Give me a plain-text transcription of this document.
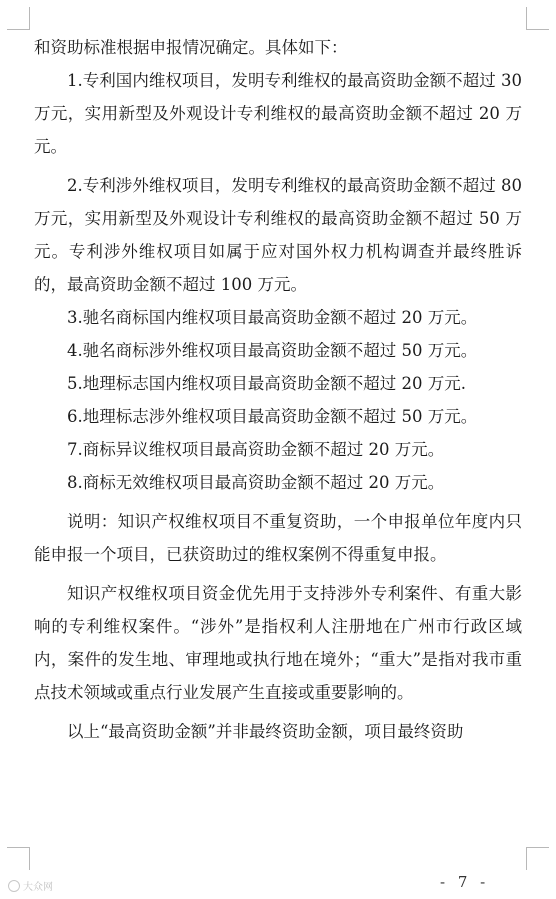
和资助标准根据申报情况确定。具体如下：

1.专利国内维权项目，发明专利维权的最高资助金额不超过 30 万元，实用新型及外观设计专利维权的最高资助金额不超过 20 万元。

2.专利涉外维权项目，发明专利维权的最高资助金额不超过 80 万元，实用新型及外观设计专利维权的最高资助金额不超过 50 万元。专利涉外维权项目如属于应对国外权力机构调查并最终胜诉的，最高资助金额不超过 100 万元。

3.驰名商标国内维权项目最高资助金额不超过 20 万元。

4.驰名商标涉外维权项目最高资助金额不超过 50 万元。

5.地理标志国内维权项目最高资助金额不超过 20 万元.

6.地理标志涉外维权项目最高资助金额不超过 50 万元。

7.商标异议维权项目最高资助金额不超过 20 万元。

8.商标无效维权项目最高资助金额不超过 20 万元。

说明：知识产权维权项目不重复资助，一个申报单位年度内只能申报一个项目，已获资助过的维权案例不得重复申报。

知识产权维权项目资金优先用于支持涉外专利案件、有重大影响的专利维权案件。“涉外”是指权利人注册地在广州市行政区域内，案件的发生地、审理地或执行地在境外；“重大”是指对我市重点技术领域或重点行业发展产生直接或重要影响的。

以上“最高资助金额”并非最终资助金额，项目最终资助

大众网	- 7 -
